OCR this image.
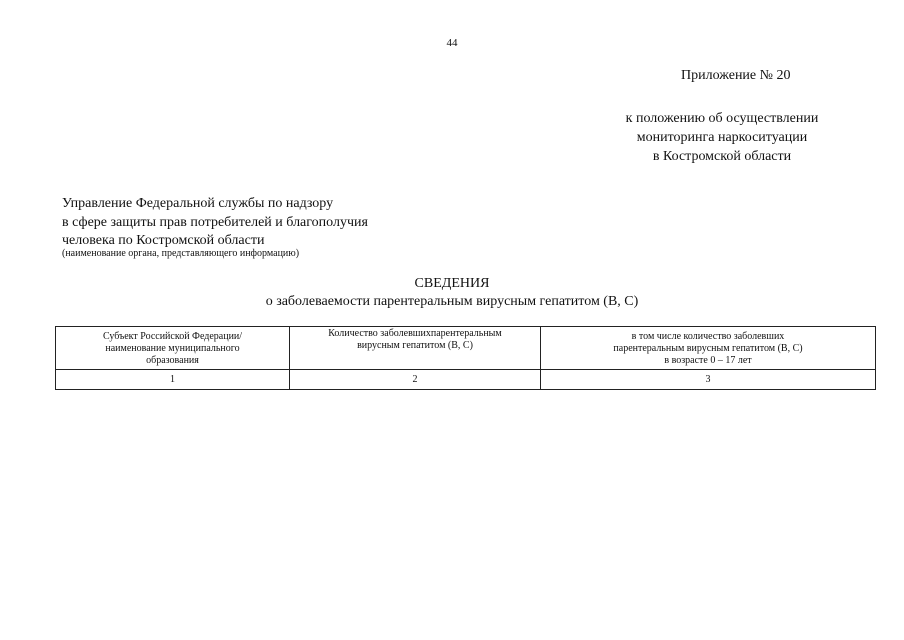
44
Приложение № 20
к положению об осуществлении
мониторинга наркоситуации
в Костромской области
Управление Федеральной службы по надзору
в сфере защиты прав потребителей и благополучия
человека по Костромской области
(наименование органа, представляющего информацию)
СВЕДЕНИЯ
о заболеваемости парентеральным вирусным гепатитом (В, С)
Субъект Российской Федерации/
наименование муниципального
образования	Количество заболевшихпарентеральным
вирусным гепатитом (В, С)	в том числе количество заболевших
парентеральным вирусным гепатитом (В, С)
в возрасте 0 – 17 лет

1	2	3
